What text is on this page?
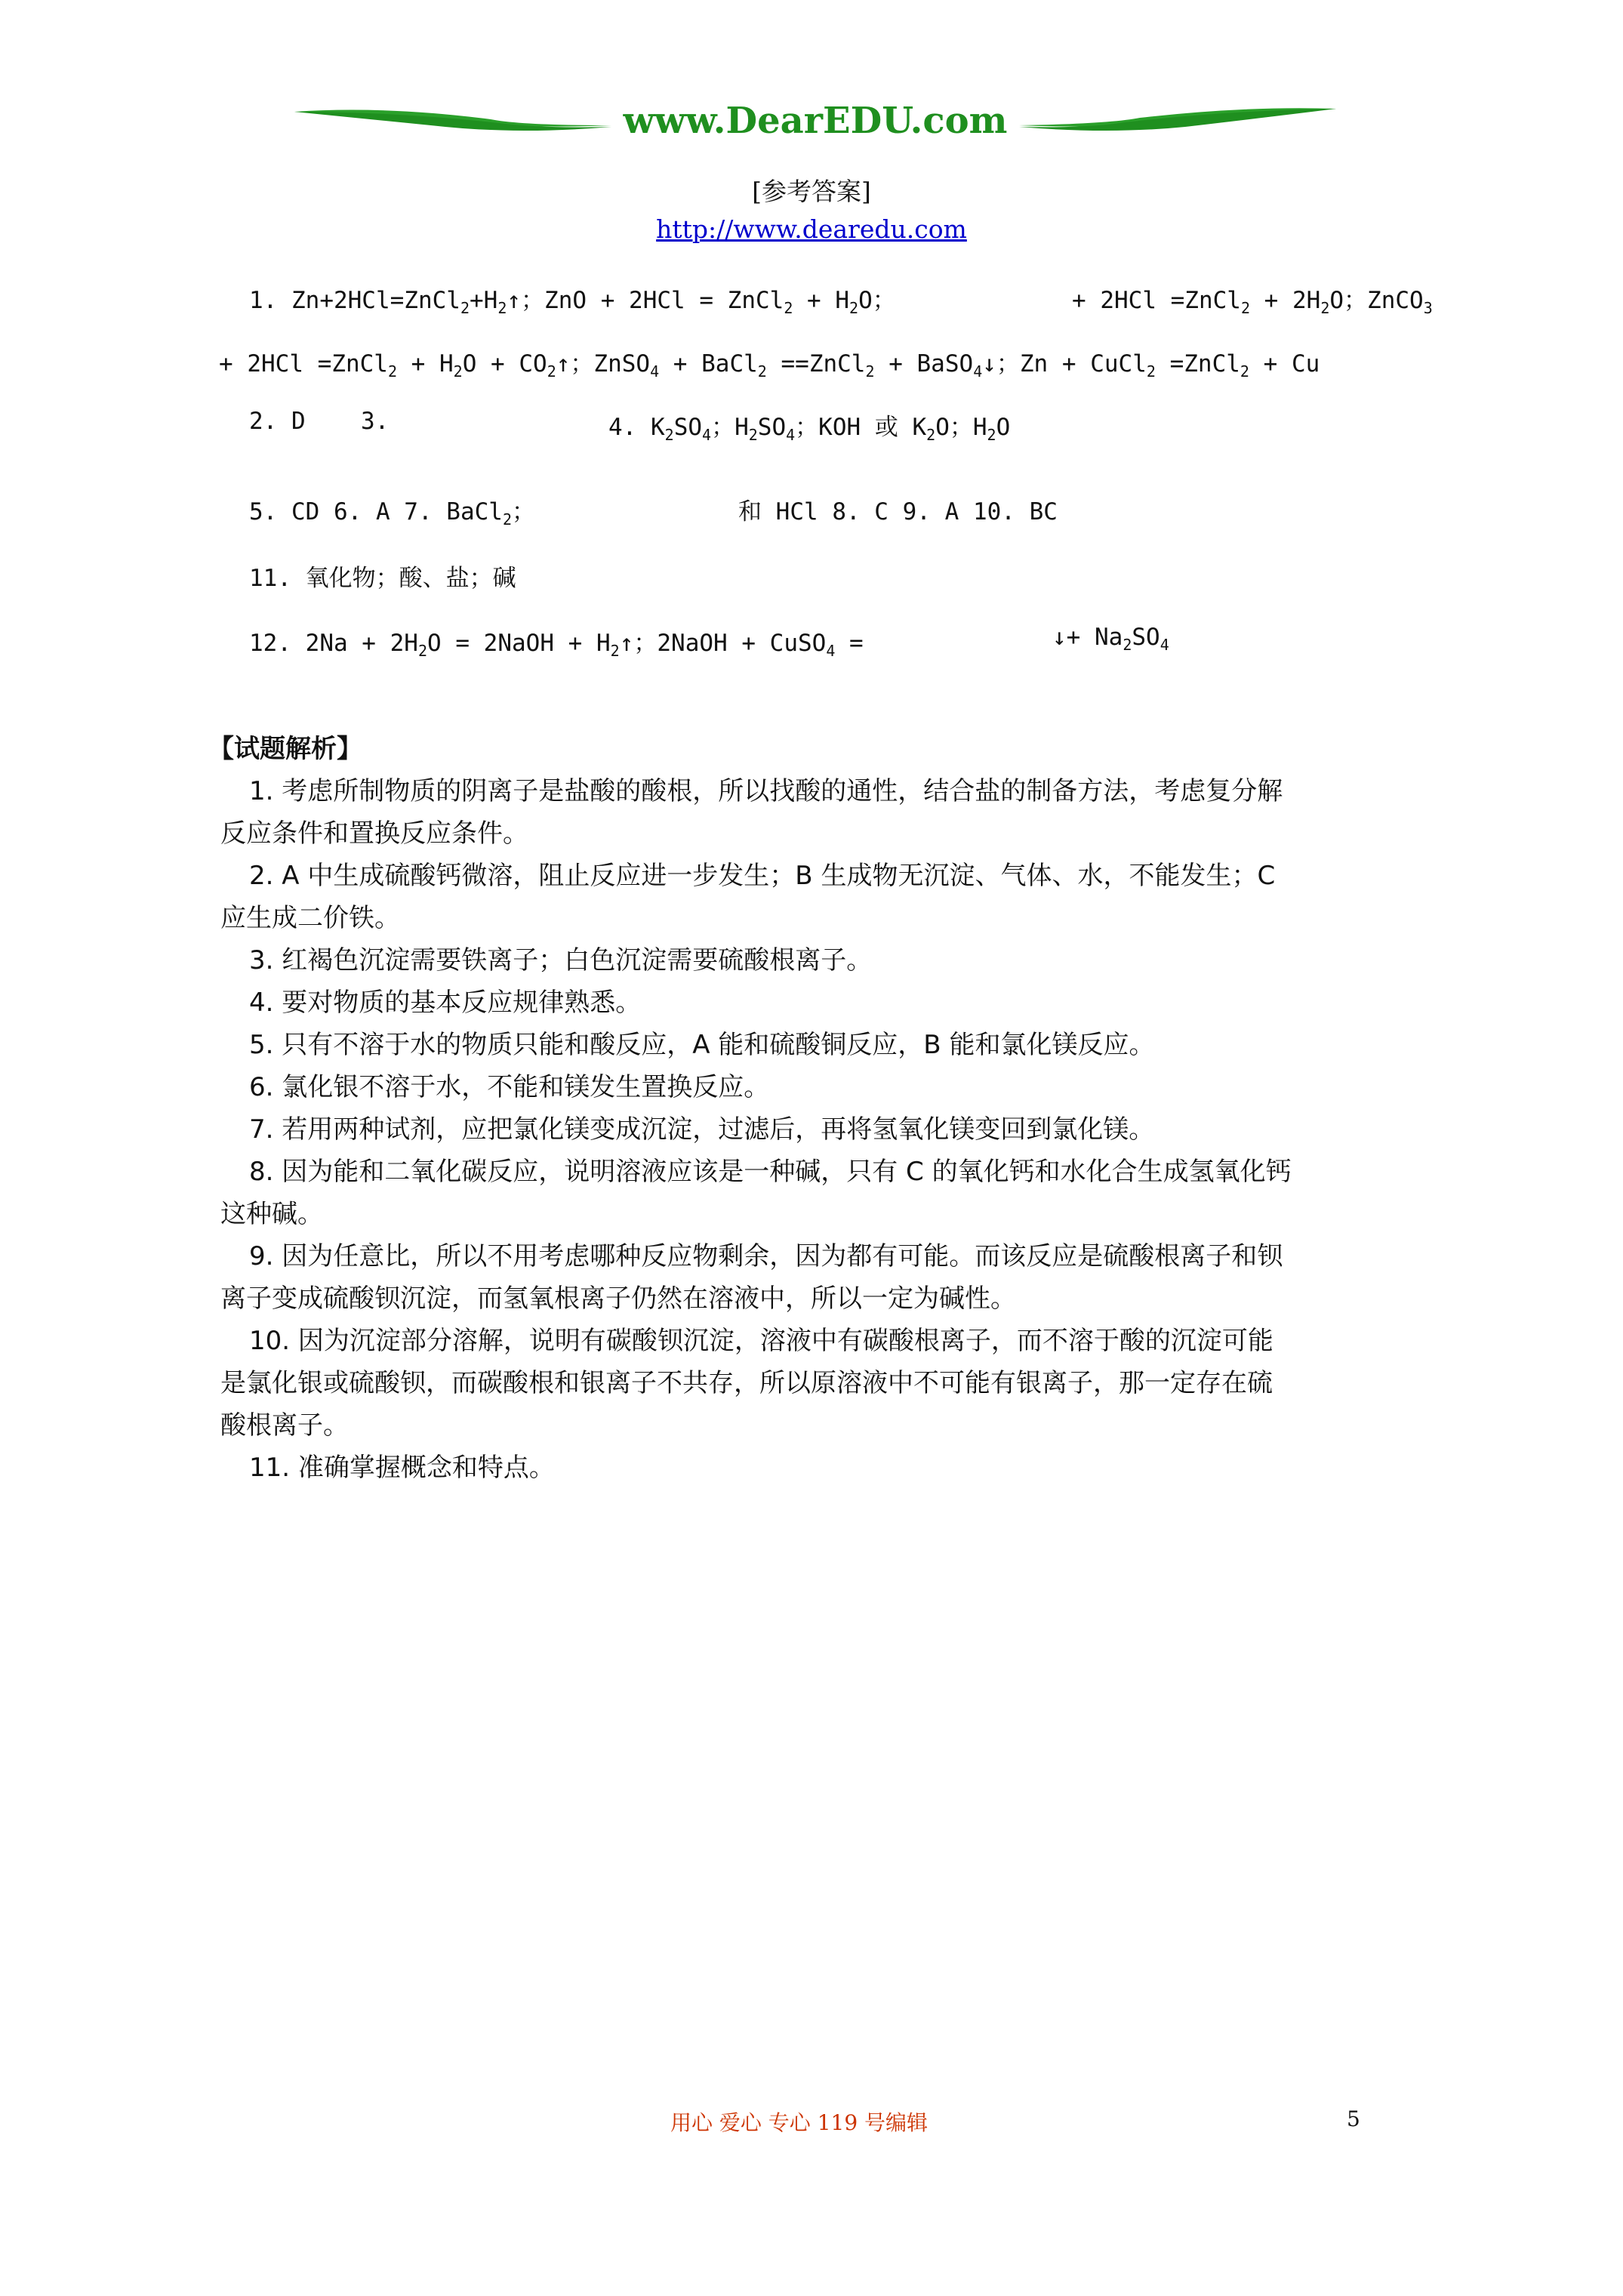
www.DearEDU.com
[参考答案]
http://www.dearedu.com
1. $Zn+2HCl=ZnCl_2+H_2↑$；ZnO + 2HCl = ZnCl$_2$ + $H_2O$；	+ 2HCl =ZnCl$_2$ + $2H_2O$；ZnCO$_3$
+ 2HCl =ZnCl$_2$ + $H_2O$ + $CO_2↑$；ZnSO$_4$ + BaCl$_2$ ==ZnCl$_2$ + BaSO$_4$↓；Zn + CuCl$_2$ =ZnCl$_2$ + Cu
2. D 3.	4. $K_2SO_4$；$H_2SO_4$；KOH 或 $K_2O$；$H_2O$
5. CD 6. A 7. BaCl$_2$；	和 HCl 8. C 9. A 10. BC
11. 氧化物；酸、盐；碱
12. $2Na + 2H_2O$ = 2NaOH + $H_2↑$；2NaOH + CuSO$_4$ =	↓+ $Na_2SO_4$
【试题解析】
1. 考虑所制物质的阴离子是盐酸的酸根，所以找酸的通性，结合盐的制备方法，考虑复分解
反应条件和置换反应条件。
2. A 中生成硫酸钙微溶，阻止反应进一步发生；B 生成物无沉淀、气体、水，不能发生；C
应生成二价铁。
3. 红褐色沉淀需要铁离子；白色沉淀需要硫酸根离子。
4. 要对物质的基本反应规律熟悉。
5. 只有不溶于水的物质只能和酸反应，A 能和硫酸铜反应，B 能和氯化镁反应。
6. 氯化银不溶于水，不能和镁发生置换反应。
7. 若用两种试剂，应把氯化镁变成沉淀，过滤后，再将氢氧化镁变回到氯化镁。
8. 因为能和二氧化碳反应，说明溶液应该是一种碱，只有 C 的氧化钙和水化合生成氢氧化钙
这种碱。
9. 因为任意比，所以不用考虑哪种反应物剩余，因为都有可能。而该反应是硫酸根离子和钡
离子变成硫酸钡沉淀，而氢氧根离子仍然在溶液中，所以一定为碱性。
10. 因为沉淀部分溶解，说明有碳酸钡沉淀，溶液中有碳酸根离子，而不溶于酸的沉淀可能
是氯化银或硫酸钡，而碳酸根和银离子不共存，所以原溶液中不可能有银离子，那一定存在硫
酸根离子。
11. 准确掌握概念和特点。
用心 爱心 专心 119 号编辑	5
